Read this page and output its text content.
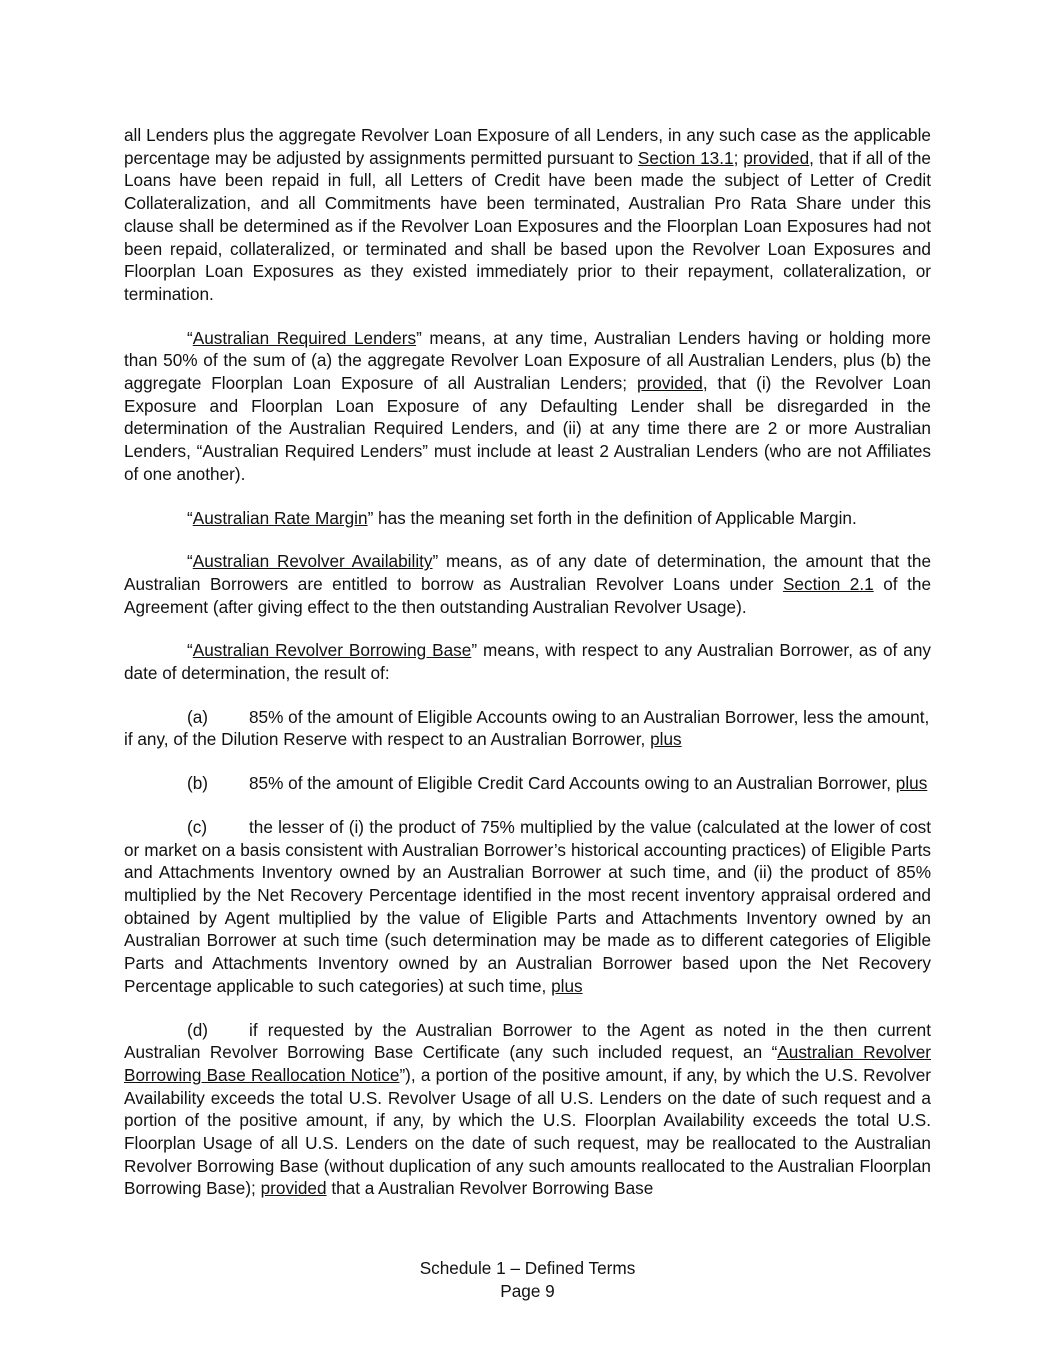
all Lenders plus the aggregate Revolver Loan Exposure of all Lenders, in any such case as the applicable percentage may be adjusted by assignments permitted pursuant to Section 13.1; provided, that if all of the Loans have been repaid in full, all Letters of Credit have been made the subject of Letter of Credit Collateralization, and all Commitments have been terminated, Australian Pro Rata Share under this clause shall be determined as if the Revolver Loan Exposures and the Floorplan Loan Exposures had not been repaid, collateralized, or terminated and shall be based upon the Revolver Loan Exposures and Floorplan Loan Exposures as they existed immediately prior to their repayment, collateralization, or termination.

“Australian Required Lenders” means, at any time, Australian Lenders having or holding more than 50% of the sum of (a) the aggregate Revolver Loan Exposure of all Australian Lenders, plus (b) the aggregate Floorplan Loan Exposure of all Australian Lenders; provided, that (i) the Revolver Loan Exposure and Floorplan Loan Exposure of any Defaulting Lender shall be disregarded in the determination of the Australian Required Lenders, and (ii) at any time there are 2 or more Australian Lenders, “Australian Required Lenders” must include at least 2 Australian Lenders (who are not Affiliates of one another).

“Australian Rate Margin” has the meaning set forth in the definition of Applicable Margin.

“Australian Revolver Availability” means, as of any date of determination, the amount that the Australian Borrowers are entitled to borrow as Australian Revolver Loans under Section 2.1 of the Agreement (after giving effect to the then outstanding Australian Revolver Usage).

“Australian Revolver Borrowing Base” means, with respect to any Australian Borrower, as of any date of determination, the result of:

(a) 85% of the amount of Eligible Accounts owing to an Australian Borrower, less the amount, if any, of the Dilution Reserve with respect to an Australian Borrower, plus

(b) 85% of the amount of Eligible Credit Card Accounts owing to an Australian Borrower, plus

(c) the lesser of (i) the product of 75% multiplied by the value (calculated at the lower of cost or market on a basis consistent with Australian Borrower’s historical accounting practices) of Eligible Parts and Attachments Inventory owned by an Australian Borrower at such time, and (ii) the product of 85% multiplied by the Net Recovery Percentage identified in the most recent inventory appraisal ordered and obtained by Agent multiplied by the value of Eligible Parts and Attachments Inventory owned by an Australian Borrower at such time (such determination may be made as to different categories of Eligible Parts and Attachments Inventory owned by an Australian Borrower based upon the Net Recovery Percentage applicable to such categories) at such time, plus

(d) if requested by the Australian Borrower to the Agent as noted in the then current Australian Revolver Borrowing Base Certificate (any such included request, an “Australian Revolver Borrowing Base Reallocation Notice”), a portion of the positive amount, if any, by which the U.S. Revolver Availability exceeds the total U.S. Revolver Usage of all U.S. Lenders on the date of such request and a portion of the positive amount, if any, by which the U.S. Floorplan Availability exceeds the total U.S. Floorplan Usage of all U.S. Lenders on the date of such request, may be reallocated to the Australian Revolver Borrowing Base (without duplication of any such amounts reallocated to the Australian Floorplan Borrowing Base); provided that a Australian Revolver Borrowing Base

Schedule 1 – Defined Terms
Page 9
